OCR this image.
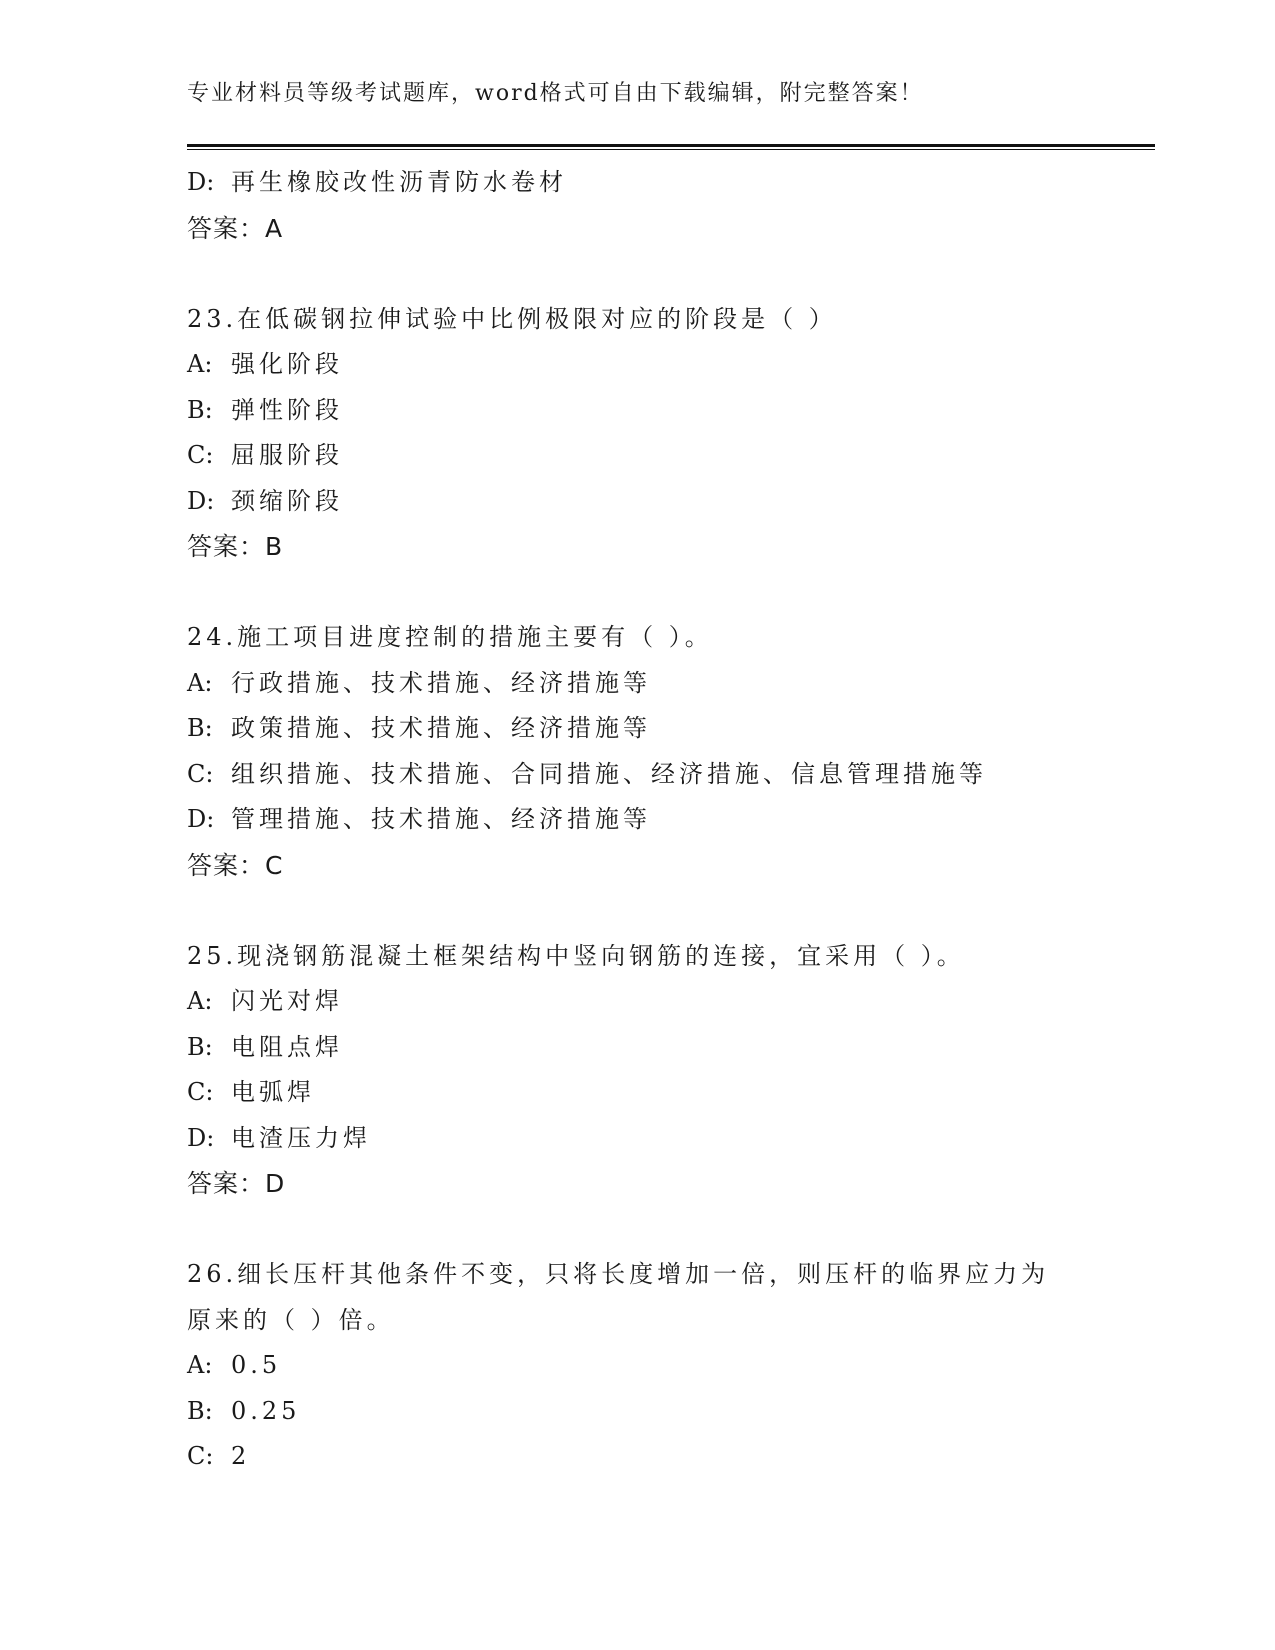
专业材料员等级考试题库，word格式可自由下载编辑，附完整答案！
D: 再生橡胶改性沥青防水卷材
答案：A
23.在低碳钢拉伸试验中比例极限对应的阶段是（ ）
A: 强化阶段
B: 弹性阶段
C: 屈服阶段
D: 颈缩阶段
答案：B
24.施工项目进度控制的措施主要有（ ）。
A: 行政措施、技术措施、经济措施等
B: 政策措施、技术措施、经济措施等
C: 组织措施、技术措施、合同措施、经济措施、信息管理措施等
D: 管理措施、技术措施、经济措施等
答案：C
25.现浇钢筋混凝土框架结构中竖向钢筋的连接，宜采用（ ）。
A: 闪光对焊
B: 电阻点焊
C: 电弧焊
D: 电渣压力焊
答案：D
26.细长压杆其他条件不变，只将长度增加一倍，则压杆的临界应力为
原来的（ ）倍。
A: 0.5
B: 0.25
C: 2
